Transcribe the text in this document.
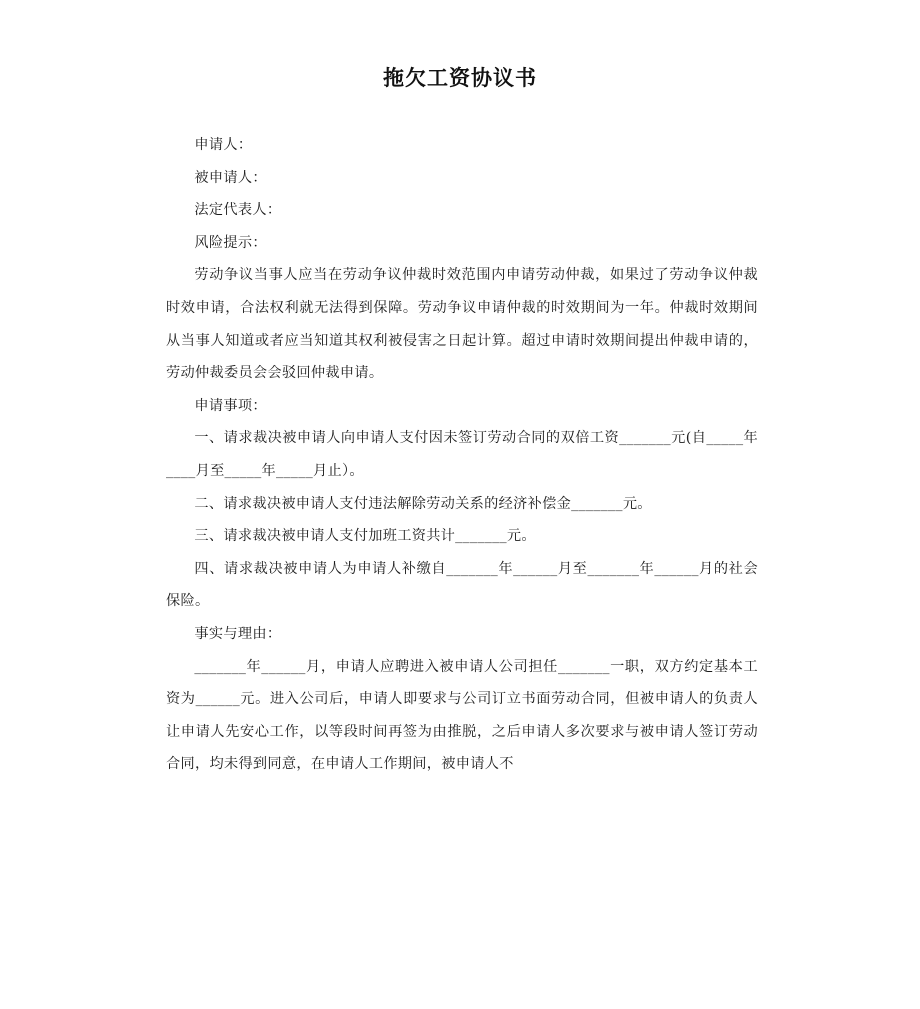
拖欠工资协议书

申请人：

被申请人：

法定代表人：

风险提示：

劳动争议当事人应当在劳动争议仲裁时效范围内申请劳动仲裁，如果过了劳动争议仲裁时效申请，合法权利就无法得到保障。劳动争议申请仲裁的时效期间为一年。仲裁时效期间从当事人知道或者应当知道其权利被侵害之日起计算。超过申请时效期间提出仲裁申请的，劳动仲裁委员会会驳回仲裁申请。

申请事项：

一、请求裁决被申请人向申请人支付因未签订劳动合同的双倍工资_______元(自_____年____月至_____年_____月止）。

二、请求裁决被申请人支付违法解除劳动关系的经济补偿金_______元。

三、请求裁决被申请人支付加班工资共计_______元。

四、请求裁决被申请人为申请人补缴自_______年______月至_______年______月的社会保险。

事实与理由：

_______年______月，申请人应聘进入被申请人公司担任_______一职，双方约定基本工资为______元。进入公司后，申请人即要求与公司订立书面劳动合同，但被申请人的负责人让申请人先安心工作，以等段时间再签为由推脱，之后申请人多次要求与被申请人签订劳动合同，均未得到同意，在申请人工作期间，被申请人不
